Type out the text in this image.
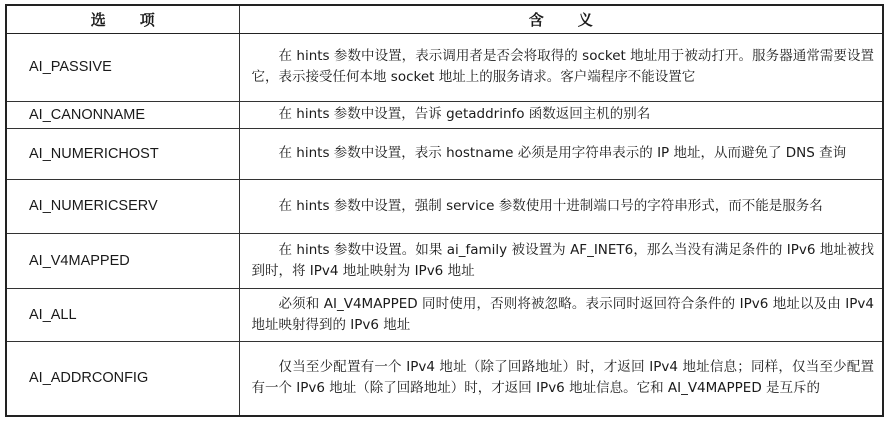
选 项	含 义
AI_PASSIVE	在 hints 参数中设置，表示调用者是否会将取得的 socket 地址用于被动打开。服务器通常需要设置它，表示接受任何本地 socket 地址上的服务请求。客户端程序不能设置它
AI_CANONNAME	在 hints 参数中设置，告诉 getaddrinfo 函数返回主机的别名
AI_NUMERICHOST	在 hints 参数中设置，表示 hostname 必须是用字符串表示的 IP 地址，从而避免了 DNS 查询
AI_NUMERICSERV	在 hints 参数中设置，强制 service 参数使用十进制端口号的字符串形式，而不能是服务名
AI_V4MAPPED	在 hints 参数中设置。如果 ai_family 被设置为 AF_INET6，那么当没有满足条件的 IPv6 地址被找到时，将 IPv4 地址映射为 IPv6 地址
AI_ALL	必须和 AI_V4MAPPED 同时使用，否则将被忽略。表示同时返回符合条件的 IPv6 地址以及由 IPv4 地址映射得到的 IPv6 地址
AI_ADDRCONFIG	仅当至少配置有一个 IPv4 地址（除了回路地址）时，才返回 IPv4 地址信息；同样，仅当至少配置有一个 IPv6 地址（除了回路地址）时，才返回 IPv6 地址信息。它和 AI_V4MAPPED 是互斥的
